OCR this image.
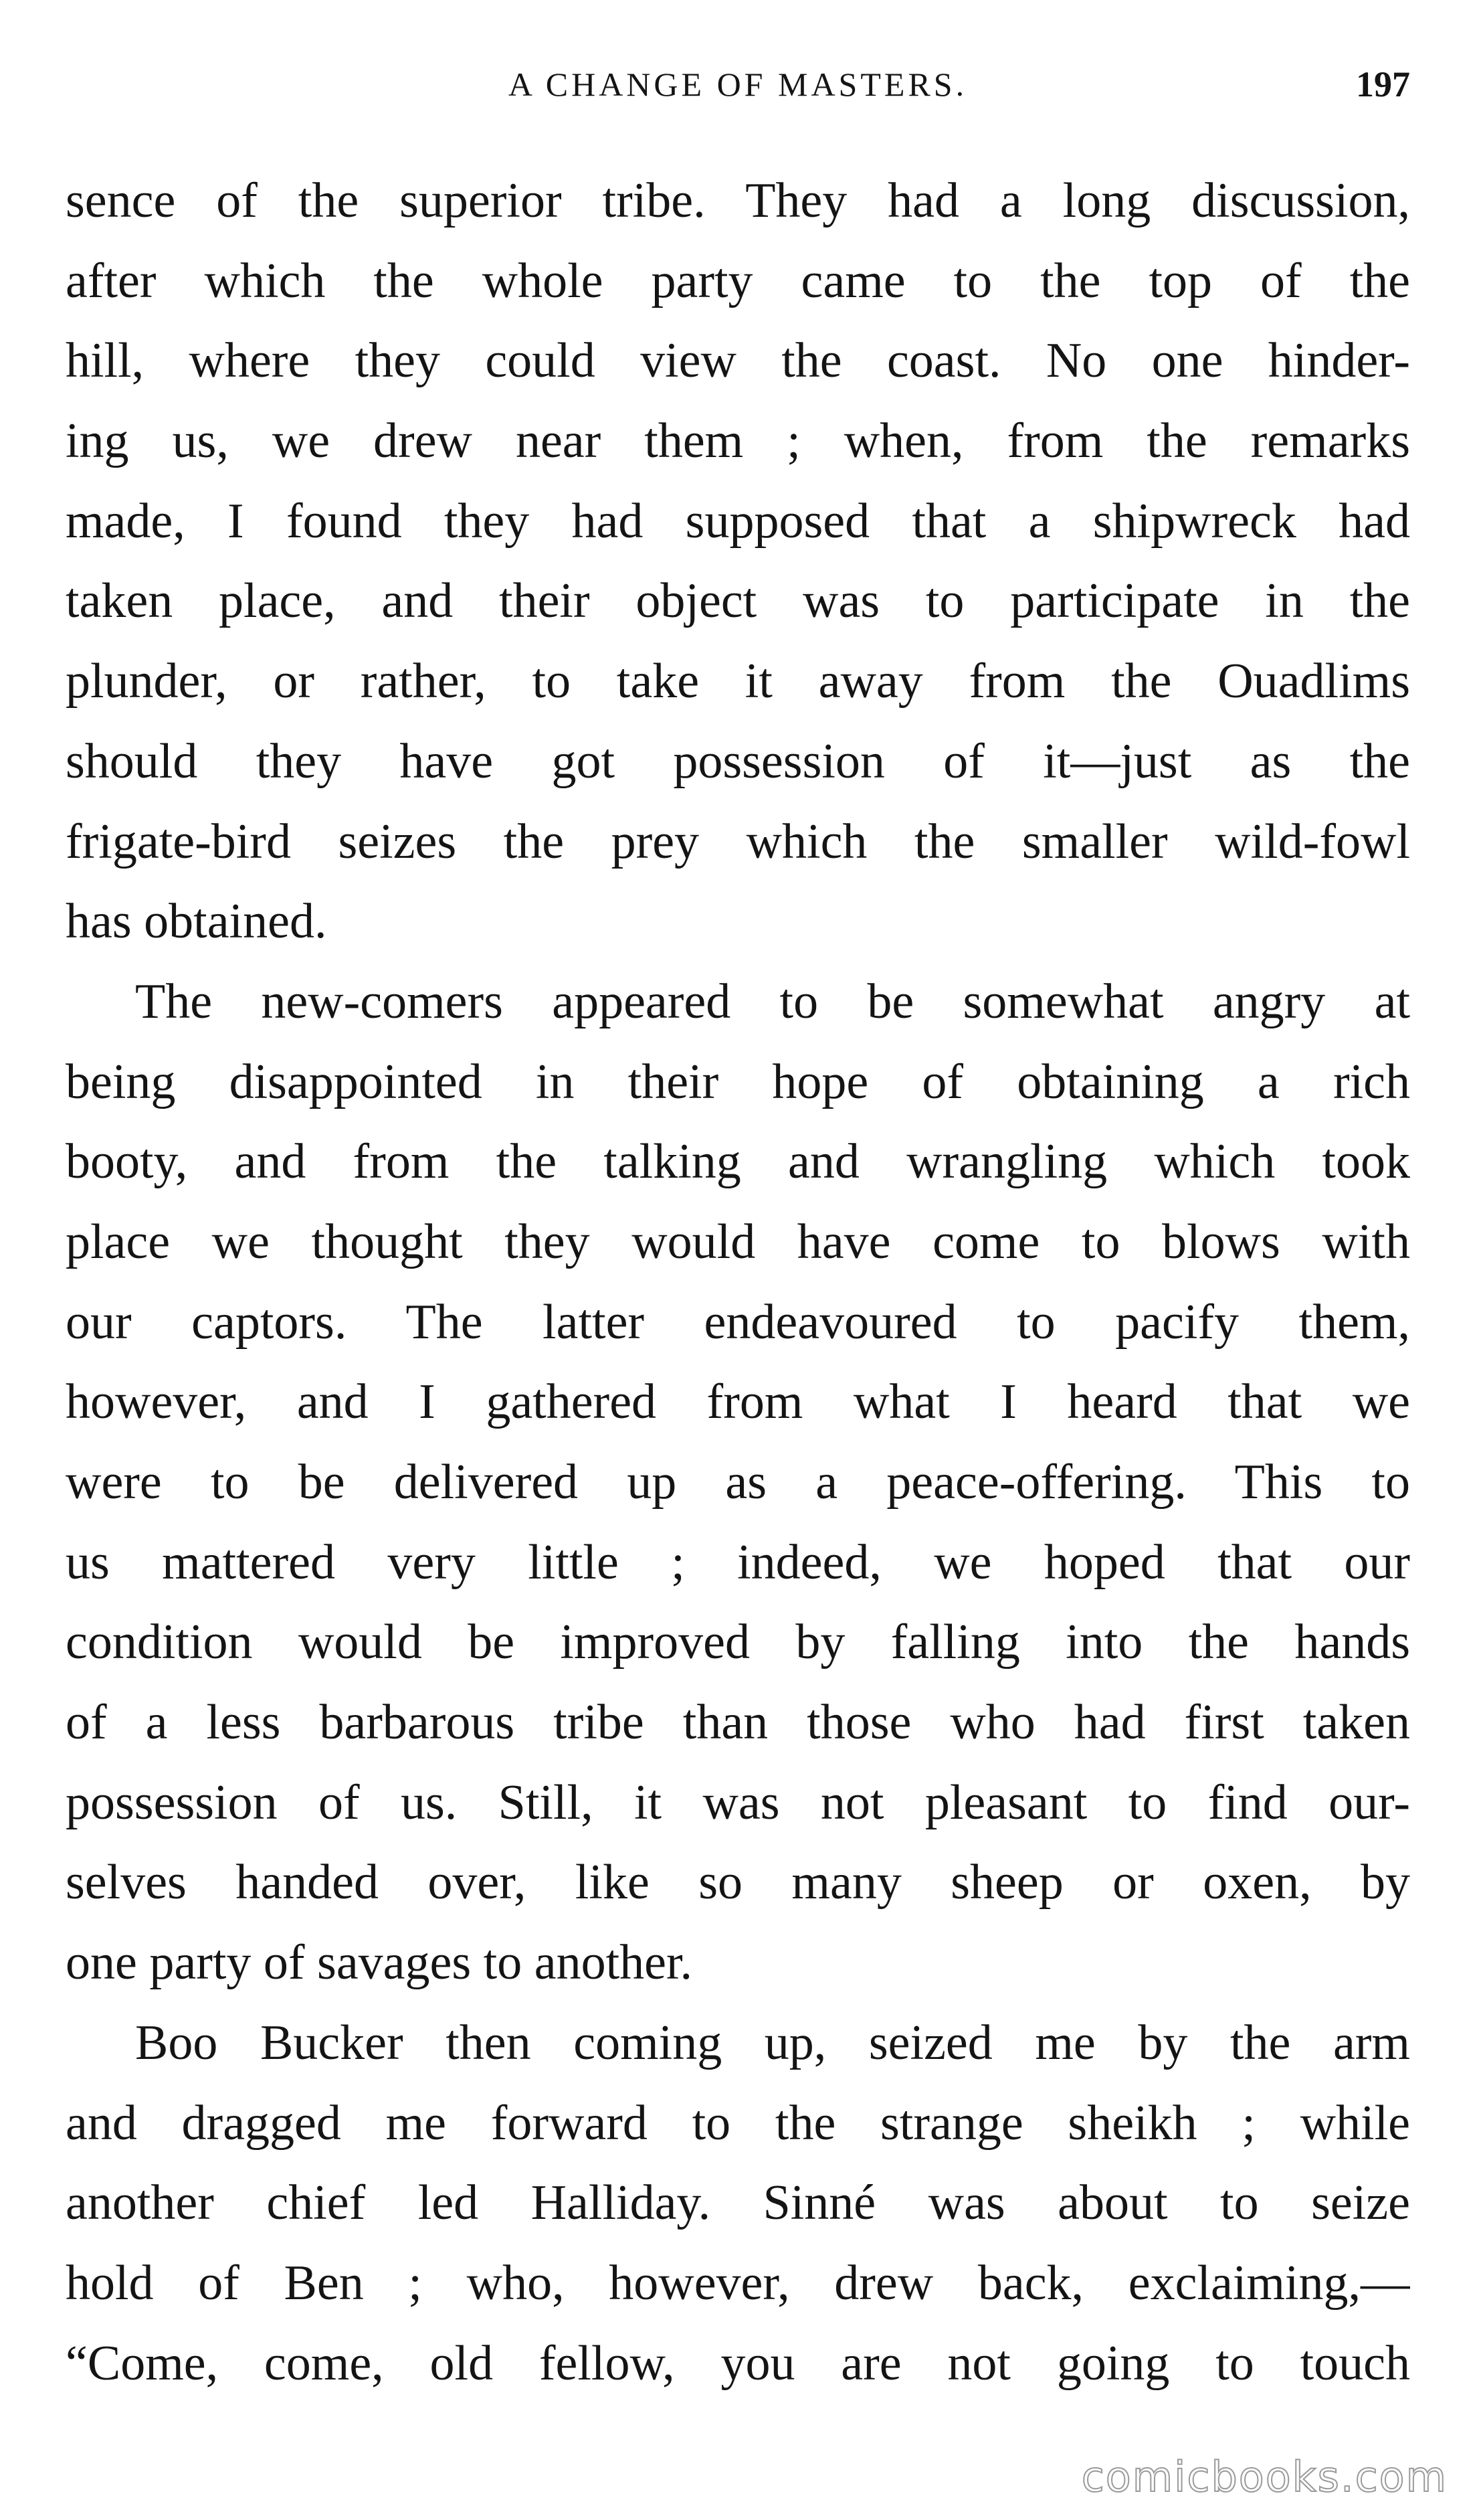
A CHANGE OF MASTERS.	197
sence of the superior tribe. They had a long discussion,
after which the whole party came to the top of the
hill, where they could view the coast. No one hinder-
ing us, we drew near them ; when, from the remarks
made, I found they had supposed that a shipwreck had
taken place, and their object was to participate in the
plunder, or rather, to take it away from the Ouadlims
should they have got possession of it—just as the
frigate-bird seizes the prey which the smaller wild-fowl
has obtained.
The new-comers appeared to be somewhat angry at
being disappointed in their hope of obtaining a rich
booty, and from the talking and wrangling which took
place we thought they would have come to blows with
our captors. The latter endeavoured to pacify them,
however, and I gathered from what I heard that we
were to be delivered up as a peace-offering. This to
us mattered very little ; indeed, we hoped that our
condition would be improved by falling into the hands
of a less barbarous tribe than those who had first taken
possession of us. Still, it was not pleasant to find our-
selves handed over, like so many sheep or oxen, by
one party of savages to another.
Boo Bucker then coming up, seized me by the arm
and dragged me forward to the strange sheikh ; while
another chief led Halliday. Sinné was about to seize
hold of Ben ; who, however, drew back, exclaiming,—
“Come, come, old fellow, you are not going to touch
comicbooks.com
